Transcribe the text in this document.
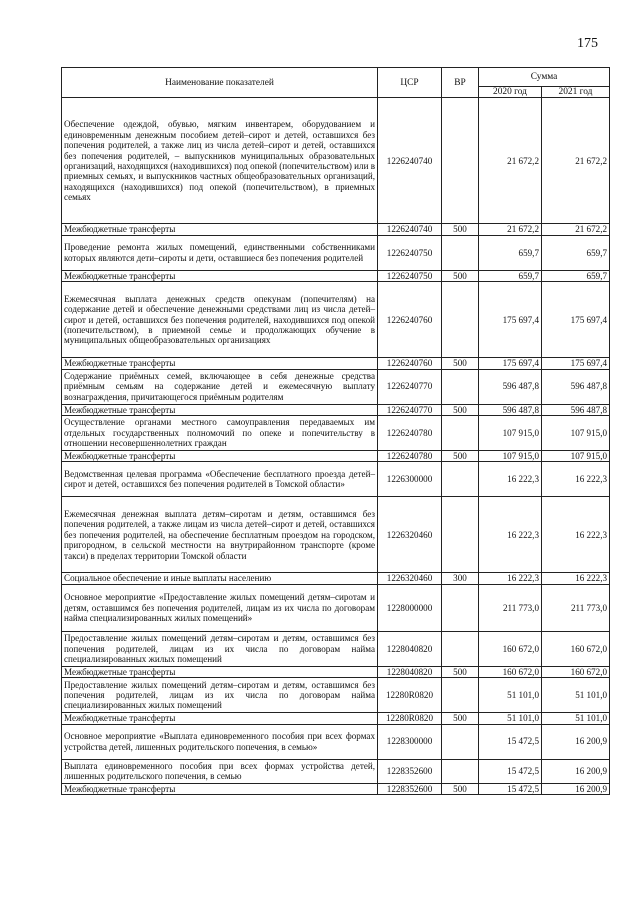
175
Наименование показателей	ЦСР	ВР	Сумма	
			2020 год	2021 год
Обеспечение одеждой, обувью, мягким инвентарем, оборудованием и единовременным денежным пособием детей–сирот и детей, оставшихся без попечения родителей, а также лиц из числа детей–сирот и детей, оставшихся без попечения родителей, – выпускников муниципальных образовательных организаций, находящихся (находившихся) под опекой (попечительством) или в приемных семьях, и выпускников частных общеобразовательных организаций, находящихся (находившихся) под опекой (попечительством), в приемных семьях	1226240740		21 672,2	21 672,2
Межбюджетные трансферты	1226240740	500	21 672,2	21 672,2
Проведение ремонта жилых помещений, единственными собственниками которых являются дети–сироты и дети, оставшиеся без попечения родителей	1226240750		659,7	659,7
Межбюджетные трансферты	1226240750	500	659,7	659,7
Ежемесячная выплата денежных средств опекунам (попечителям) на содержание детей и обеспечение денежными средствами лиц из числа детей–сирот и детей, оставшихся без попечения родителей, находившихся под опекой (попечительством), в приемной семье и продолжающих обучение в муниципальных общеобразовательных организациях	1226240760		175 697,4	175 697,4
Межбюджетные трансферты	1226240760	500	175 697,4	175 697,4
Содержание приёмных семей, включающее в себя денежные средства приёмным семьям на содержание детей и ежемесячную выплату вознаграждения, причитающегося приёмным родителям	1226240770		596 487,8	596 487,8
Межбюджетные трансферты	1226240770	500	596 487,8	596 487,8
Осуществление органами местного самоуправления передаваемых им отдельных государственных полномочий по опеке и попечительству в отношении несовершеннолетних граждан	1226240780		107 915,0	107 915,0
Межбюджетные трансферты	1226240780	500	107 915,0	107 915,0
Ведомственная целевая программа «Обеспечение бесплатного проезда детей–сирот и детей, оставшихся без попечения родителей в Томской области»	1226300000		16 222,3	16 222,3
Ежемесячная денежная выплата детям–сиротам и детям, оставшимся без попечения родителей, а также лицам из числа детей–сирот и детей, оставшихся без попечения родителей, на обеспечение бесплатным проездом на городском, пригородном, в сельской местности на внутрирайонном транспорте (кроме такси) в пределах территории Томской области	1226320460		16 222,3	16 222,3
Социальное обеспечение и иные выплаты населению	1226320460	300	16 222,3	16 222,3
Основное мероприятие «Предоставление жилых помещений детям–сиротам и детям, оставшимся без попечения родителей, лицам из их числа по договорам найма специализированных жилых помещений»	1228000000		211 773,0	211 773,0
Предоставление жилых помещений детям–сиротам и детям, оставшимся без попечения родителей, лицам из их числа по договорам найма специализированных жилых помещений	1228040820		160 672,0	160 672,0
Межбюджетные трансферты	1228040820	500	160 672,0	160 672,0
Предоставление жилых помещений детям–сиротам и детям, оставшимся без попечения родителей, лицам из их числа по договорам найма специализированных жилых помещений	12280R0820		51 101,0	51 101,0
Межбюджетные трансферты	12280R0820	500	51 101,0	51 101,0
Основное мероприятие «Выплата единовременного пособия при всех формах устройства детей, лишенных родительского попечения, в семью»	1228300000		15 472,5	16 200,9
Выплата единовременного пособия при всех формах устройства детей, лишенных родительского попечения, в семью	1228352600		15 472,5	16 200,9
Межбюджетные трансферты	1228352600	500	15 472,5	16 200,9
